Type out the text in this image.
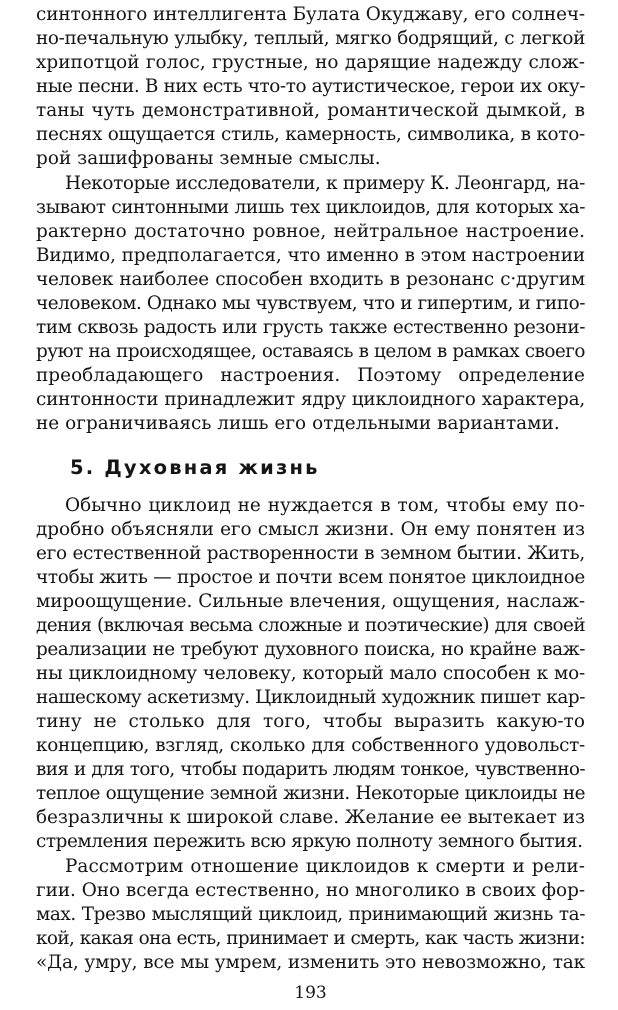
синтонного интеллигента Булата Окуджаву, его солнеч-
но-печальную улыбку, теплый, мягко бодрящий, с легкой
хрипотцой голос, грустные, но дарящие надежду слож-
ные песни. В них есть что-то аутистическое, герои их оку-
таны чуть демонстративной, романтической дымкой, в
песнях ощущается стиль, камерность, символика, в кото-
рой зашифрованы земные смыслы.
Некоторые исследователи, к примеру К. Леонгард, на-
зывают синтонными лишь тех циклоидов, для которых ха-
рактерно достаточно ровное, нейтральное настроение.
Видимо, предполагается, что именно в этом настроении
человек наиболее способен входить в резонанс с·другим
человеком. Однако мы чувствуем, что и гипертим, и гипо-
тим сквозь радость или грусть также естественно резони-
руют на происходящее, оставаясь в целом в рамках своего
преобладающего настроения. Поэтому определение
синтонности принадлежит ядру циклоидного характера,
не ограничиваясь лишь его отдельными вариантами.
5. Духовная жизнь
Обычно циклоид не нуждается в том, чтобы ему по-
дробно объясняли его смысл жизни. Он ему понятен из
его естественной растворенности в земном бытии. Жить,
чтобы жить — простое и почти всем понятое циклоидное
мироощущение. Сильные влечения, ощущения, наслаж-
дения (включая весьма сложные и поэтические) для своей
реализации не требуют духовного поиска, но крайне важ-
ны циклоидному человеку, который мало способен к мо-
нашескому аскетизму. Циклоидный художник пишет кар-
тину не столько для того, чтобы выразить какую-то
концепцию, взгляд, сколько для собственного удовольст-
вия и для того, чтобы подарить людям тонкое, чувственно-
теплое ощущение земной жизни. Некоторые циклоиды не
безразличны к широкой славе. Желание ее вытекает из
стремления пережить всю яркую полноту земного бытия.
Рассмотрим отношение циклоидов к смерти и рели-
гии. Оно всегда естественно, но многолико в своих фор-
мах. Трезво мыслящий циклоид, принимающий жизнь та-
кой, какая она есть, принимает и смерть, как часть жизни:
«Да, умру, все мы умрем, изменить это невозможно, так
193
